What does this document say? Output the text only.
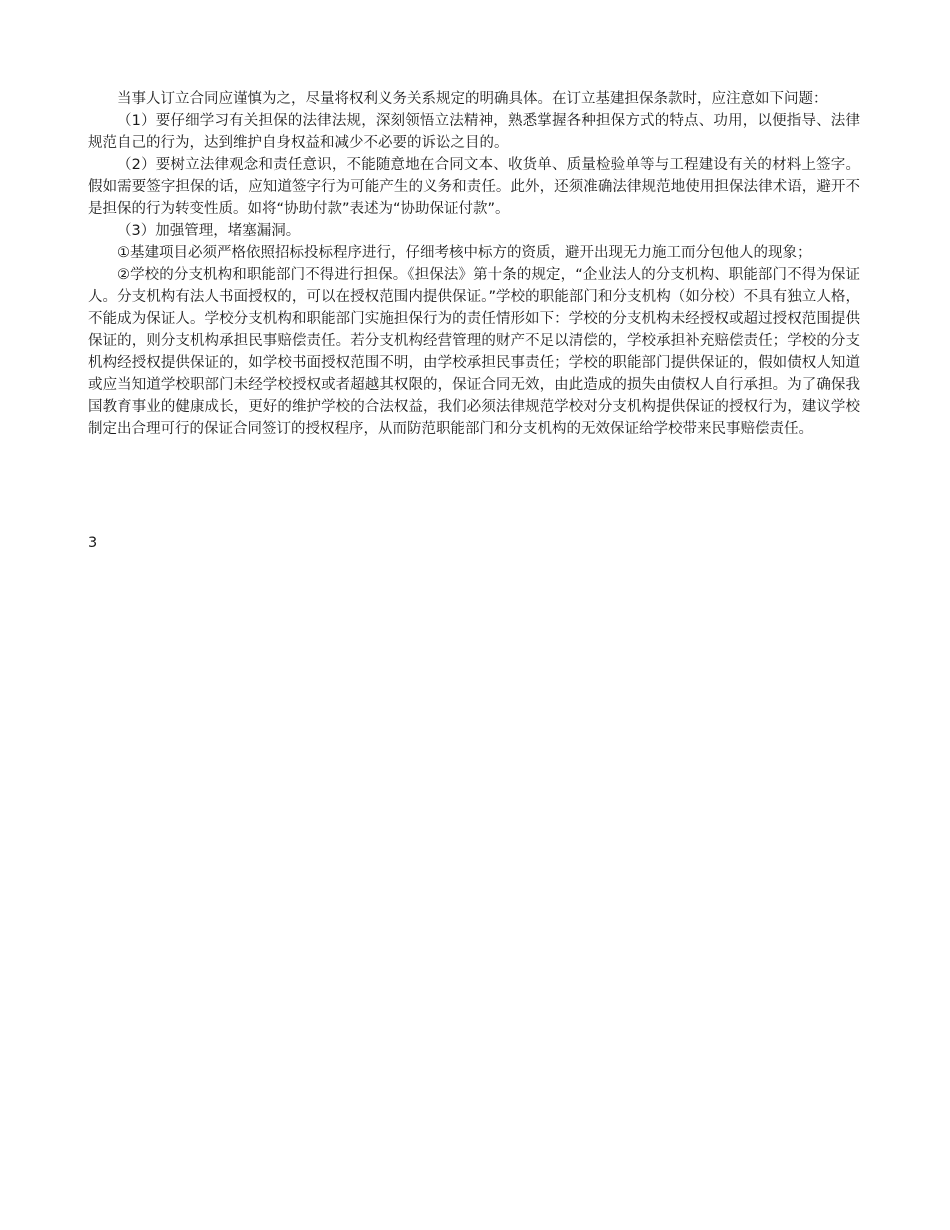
当事人订立合同应谨慎为之，尽量将权利义务关系规定的明确具体。在订立基建担保条款时，应注意如下问题：

（1）要仔细学习有关担保的法律法规，深刻领悟立法精神，熟悉掌握各种担保方式的特点、功用，以便指导、法律规范自己的行为，达到维护自身权益和减少不必要的诉讼之目的。

（2）要树立法律观念和责任意识，不能随意地在合同文本、收货单、质量检验单等与工程建设有关的材料上签字。假如需要签字担保的话，应知道签字行为可能产生的义务和责任。此外，还须准确法律规范地使用担保法律术语，避开不是担保的行为转变性质。如将“协助付款”表述为“协助保证付款”。

（3）加强管理，堵塞漏洞。

①基建项目必须严格依照招标投标程序进行，仔细考核中标方的资质，避开出现无力施工而分包他人的现象；

②学校的分支机构和职能部门不得进行担保。《担保法》第十条的规定，“企业法人的分支机构、职能部门不得为保证人。分支机构有法人书面授权的，可以在授权范围内提供保证。”学校的职能部门和分支机构（如分校）不具有独立人格，不能成为保证人。学校分支机构和职能部门实施担保行为的责任情形如下：学校的分支机构未经授权或超过授权范围提供保证的，则分支机构承担民事赔偿责任。若分支机构经营管理的财产不足以清偿的，学校承担补充赔偿责任；学校的分支机构经授权提供保证的，如学校书面授权范围不明，由学校承担民事责任；学校的职能部门提供保证的，假如债权人知道或应当知道学校职部门未经学校授权或者超越其权限的，保证合同无效，由此造成的损失由债权人自行承担。为了确保我国教育事业的健康成长，更好的维护学校的合法权益，我们必须法律规范学校对分支机构提供保证的授权行为，建议学校制定出合理可行的保证合同签订的授权程序，从而防范职能部门和分支机构的无效保证给学校带来民事赔偿责任。

3
